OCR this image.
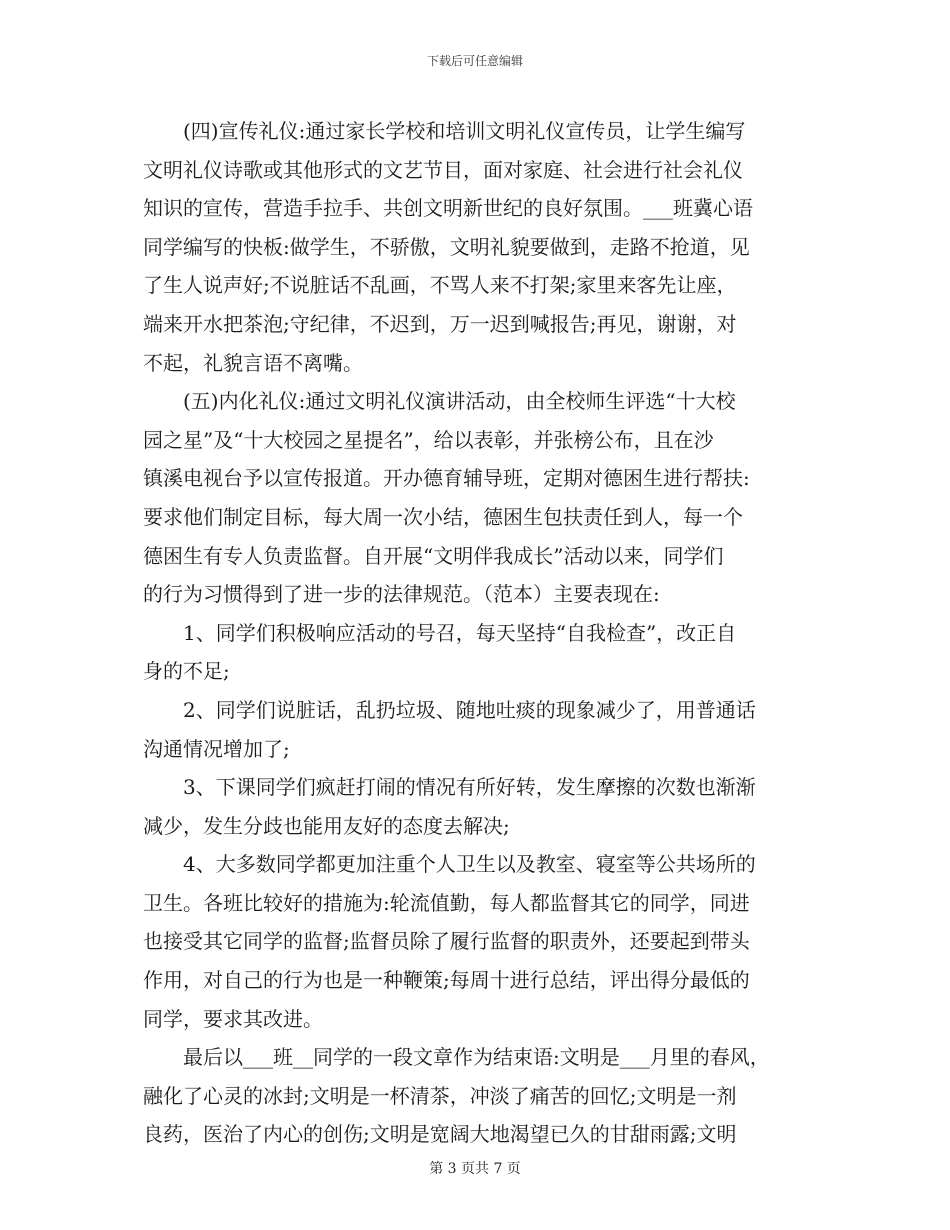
下载后可任意编辑
　　(四)宣传礼仪:通过家长学校和培训文明礼仪宣传员，让学生编写
文明礼仪诗歌或其他形式的文艺节目，面对家庭、社会进行社会礼仪
知识的宣传，营造手拉手、共创文明新世纪的良好氛围。___班冀心语
同学编写的快板:做学生，不骄傲，文明礼貌要做到，走路不抢道，见
了生人说声好;不说脏话不乱画，不骂人来不打架;家里来客先让座，
端来开水把茶泡;守纪律，不迟到，万一迟到喊报告;再见，谢谢，对
不起，礼貌言语不离嘴。
　　(五)内化礼仪:通过文明礼仪演讲活动，由全校师生评选“十大校
园之星”及“十大校园之星提名”，给以表彰，并张榜公布，且在沙
镇溪电视台予以宣传报道。开办德育辅导班，定期对德困生进行帮扶:
要求他们制定目标，每大周一次小结，德困生包扶责任到人，每一个
德困生有专人负责监督。自开展“文明伴我成长”活动以来，同学们
的行为习惯得到了进一步的法律规范。（范本）主要表现在:
　　1、同学们积极响应活动的号召，每天坚持“自我检查”，改正自
身的不足;
　　2、同学们说脏话，乱扔垃圾、随地吐痰的现象减少了，用普通话
沟通情况增加了;
　　3、下课同学们疯赶打闹的情况有所好转，发生摩擦的次数也渐渐
减少，发生分歧也能用友好的态度去解决;
　　4、大多数同学都更加注重个人卫生以及教室、寝室等公共场所的
卫生。各班比较好的措施为:轮流值勤，每人都监督其它的同学，同进
也接受其它同学的监督;监督员除了履行监督的职责外，还要起到带头
作用，对自己的行为也是一种鞭策;每周十进行总结，评出得分最低的
同学，要求其改进。
　　最后以___班__同学的一段文章作为结束语:文明是___月里的春风，
融化了心灵的冰封;文明是一杯清茶，冲淡了痛苦的回忆;文明是一剂
良药，医治了内心的创伤;文明是宽阔大地渴望已久的甘甜雨露;文明
第 3 页共 7 页
